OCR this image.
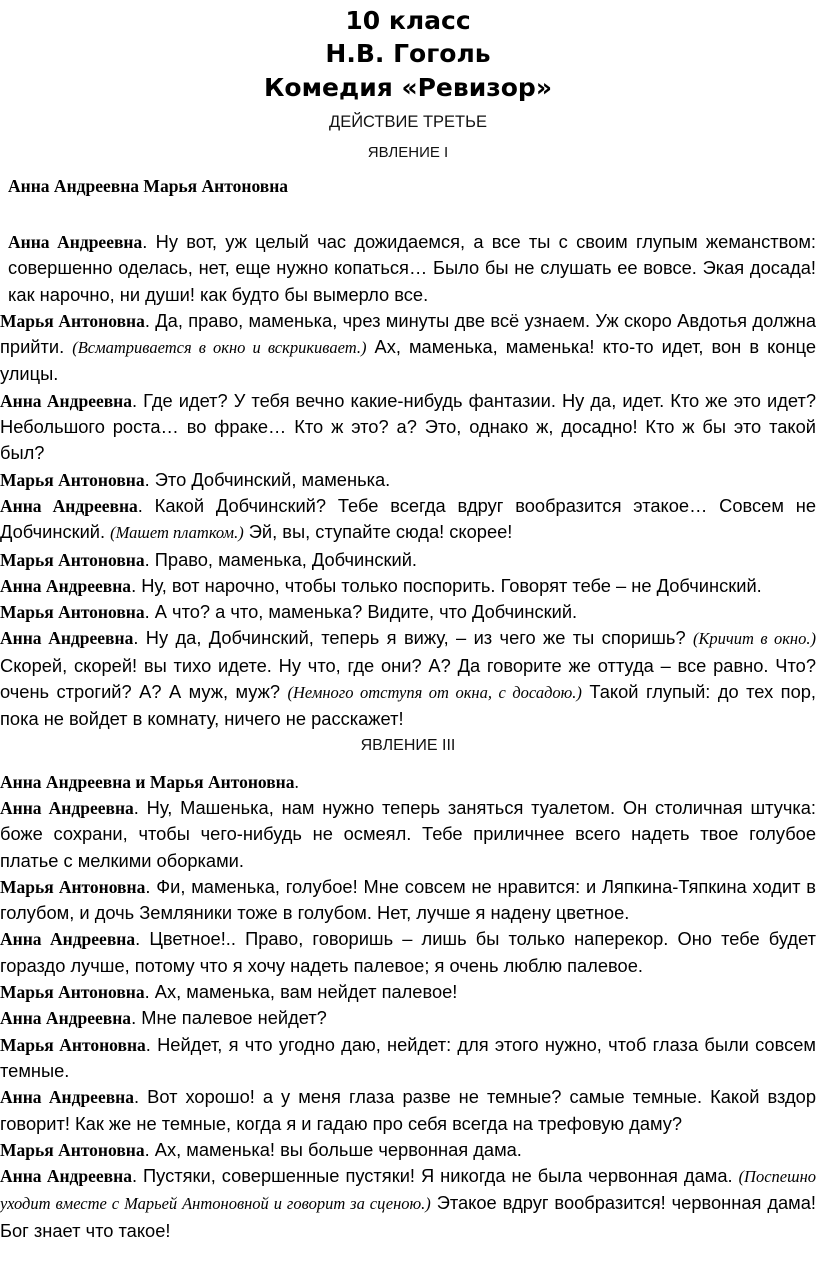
10 класс
Н.В. Гоголь
Комедия «Ревизор»
ДЕЙСТВИЕ ТРЕТЬЕ
ЯВЛЕНИЕ I
Анна Андреевна Марья Антоновна

Анна Андреевна. Ну вот, уж целый час дожидаемся, а все ты с своим глупым жеманством: совершенно оделась, нет, еще нужно копаться… Было бы не слушать ее вовсе. Экая досада! как нарочно, ни души! как будто бы вымерло все.

Марья Антоновна. Да, право, маменька, чрез минуты две всё узнаем. Уж скоро Авдотья должна прийти. (Всматривается в окно и вскрикивает.) Ах, маменька, маменька! кто-то идет, вон в конце улицы.

Анна Андреевна. Где идет? У тебя вечно какие-нибудь фантазии. Ну да, идет. Кто же это идет? Небольшого роста… во фраке… Кто ж это? а? Это, однако ж, досадно! Кто ж бы это такой был?

Марья Антоновна. Это Добчинский, маменька.

Анна Андреевна. Какой Добчинский? Тебе всегда вдруг вообразится этакое… Совсем не Добчинский. (Машет платком.) Эй, вы, ступайте сюда! скорее!

Марья Антоновна. Право, маменька, Добчинский.

Анна Андреевна. Ну, вот нарочно, чтобы только поспорить. Говорят тебе – не Добчинский.

Марья Антоновна. А что? а что, маменька? Видите, что Добчинский.

Анна Андреевна. Ну да, Добчинский, теперь я вижу, – из чего же ты споришь? (Кричит в окно.) Скорей, скорей! вы тихо идете. Ну что, где они? А? Да говорите же оттуда – все равно. Что? очень строгий? А? А муж, муж? (Немного отступя от окна, с досадою.) Такой глупый: до тех пор, пока не войдет в комнату, ничего не расскажет!

ЯВЛЕНИЕ III
Анна Андреевна и Марья Антоновна.

Анна Андреевна. Ну, Машенька, нам нужно теперь заняться туалетом. Он столичная штучка: боже сохрани, чтобы чего-нибудь не осмеял. Тебе приличнее всего надеть твое голубое платье с мелкими оборками.

Марья Антоновна. Фи, маменька, голубое! Мне совсем не нравится: и Ляпкина-Тяпкина ходит в голубом, и дочь Земляники тоже в голубом. Нет, лучше я надену цветное.

Анна Андреевна. Цветное!.. Право, говоришь – лишь бы только наперекор. Оно тебе будет гораздо лучше, потому что я хочу надеть палевое; я очень люблю палевое.

Марья Антоновна. Ах, маменька, вам нейдет палевое!

Анна Андреевна. Мне палевое нейдет?

Марья Антоновна. Нейдет, я что угодно даю, нейдет: для этого нужно, чтоб глаза были совсем темные.

Анна Андреевна. Вот хорошо! а у меня глаза разве не темные? самые темные. Какой вздор говорит! Как же не темные, когда я и гадаю про себя всегда на трефовую даму?

Марья Антоновна. Ах, маменька! вы больше червонная дама.

Анна Андреевна. Пустяки, совершенные пустяки! Я никогда не была червонная дама. (Поспешно уходит вместе с Марьей Антоновной и говорит за сценою.) Этакое вдруг вообразится! червонная дама! Бог знает что такое!
